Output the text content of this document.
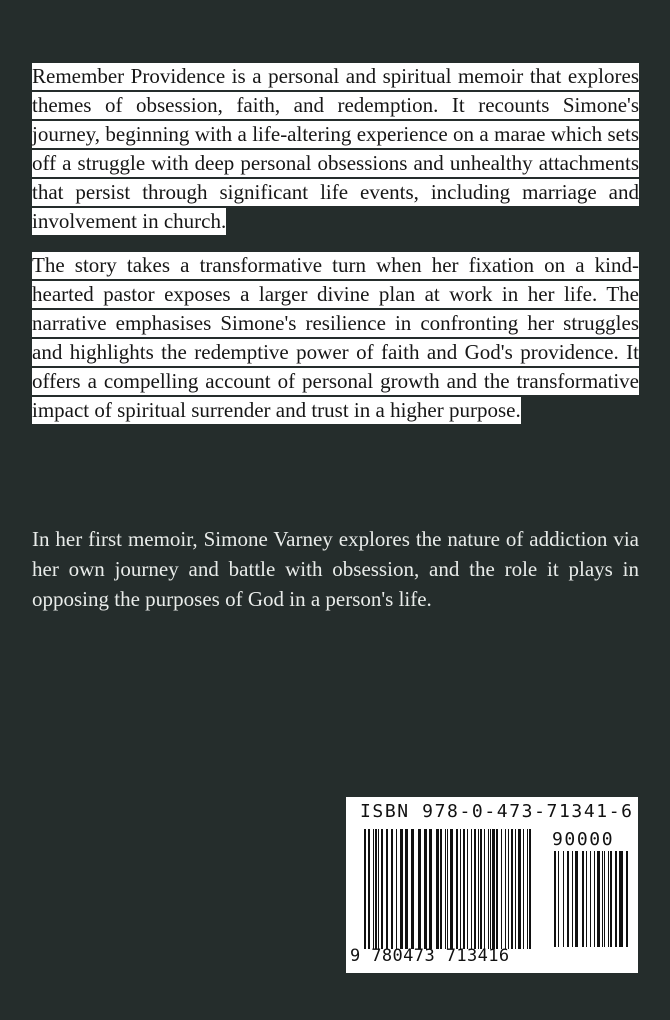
Remember Providence is a personal and spiritual memoir that explores themes of obsession, faith, and redemption. It recounts Simone's journey, beginning with a life-altering experience on a marae which sets off a struggle with deep personal obsessions and unhealthy attachments that persist through significant life events, including marriage and involvement in church.

The story takes a transformative turn when her fixation on a kind-hearted pastor exposes a larger divine plan at work in her life. The narrative emphasises Simone's resilience in confronting her struggles and highlights the redemptive power of faith and God's providence. It offers a compelling account of personal growth and the transformative impact of spiritual surrender and trust in a higher purpose.

In her first memoir, Simone Varney explores the nature of addiction via her own journey and battle with obsession, and the role it plays in opposing the purposes of God in a person's life.

ISBN 978-0-473-71341-6
90000
9 780473 713416
